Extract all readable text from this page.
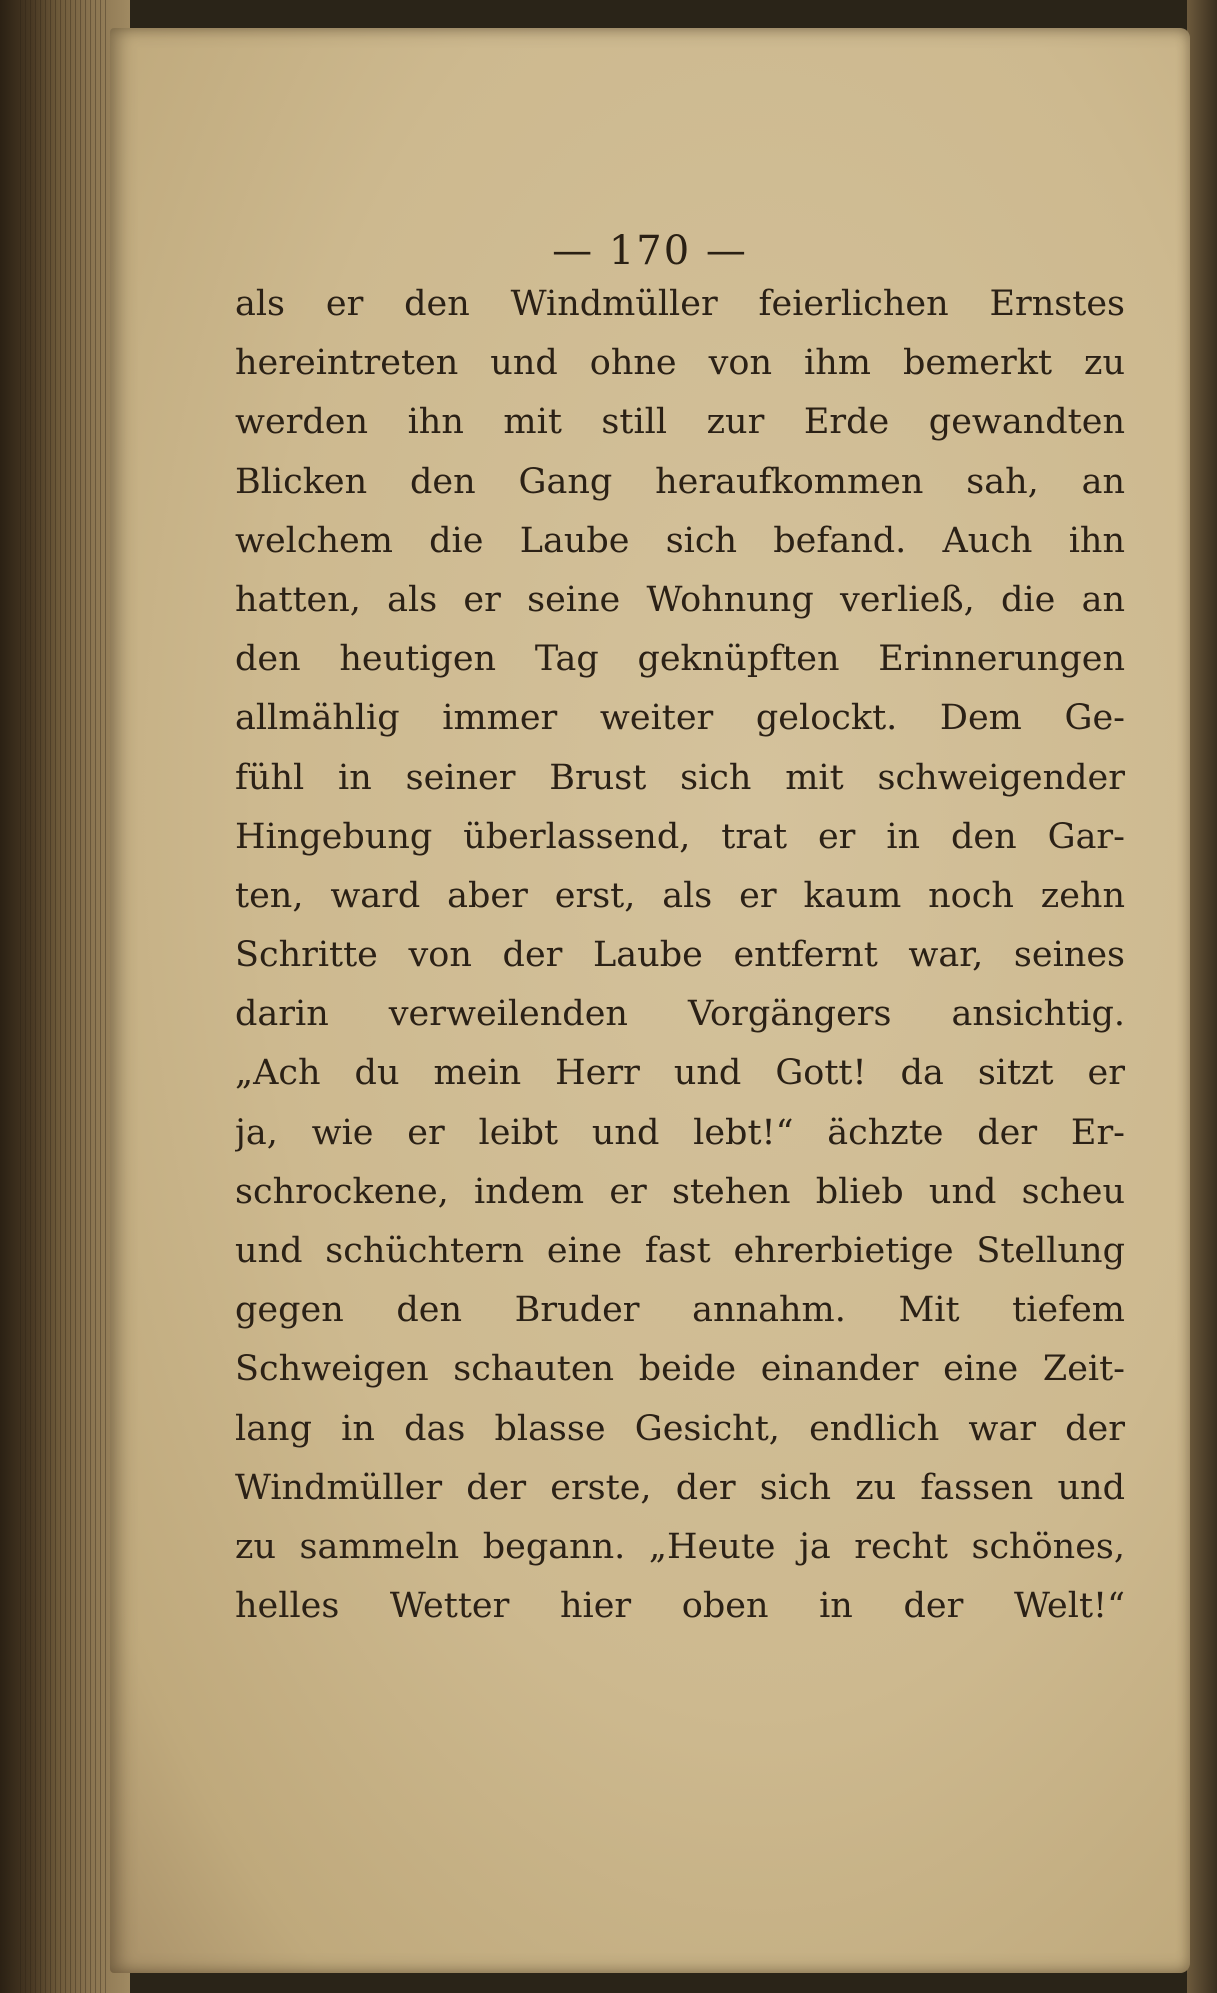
— 170 —
als er den Windmüller feierlichen Ernstes
hereintreten und ohne von ihm bemerkt zu
werden ihn mit still zur Erde gewandten
Blicken den Gang heraufkommen sah, an
welchem die Laube sich befand. Auch ihn
hatten, als er seine Wohnung verließ, die an
den heutigen Tag geknüpften Erinnerungen
allmählig immer weiter gelockt. Dem Ge-
fühl in seiner Brust sich mit schweigender
Hingebung überlassend, trat er in den Gar-
ten, ward aber erst, als er kaum noch zehn
Schritte von der Laube entfernt war, seines
darin verweilenden Vorgängers ansichtig.
„Ach du mein Herr und Gott! da sitzt er
ja, wie er leibt und lebt!“ ächzte der Er-
schrockene, indem er stehen blieb und scheu
und schüchtern eine fast ehrerbietige Stellung
gegen den Bruder annahm. Mit tiefem
Schweigen schauten beide einander eine Zeit-
lang in das blasse Gesicht, endlich war der
Windmüller der erste, der sich zu fassen und
zu sammeln begann. „Heute ja recht schönes,
helles Wetter hier oben in der Welt!“
